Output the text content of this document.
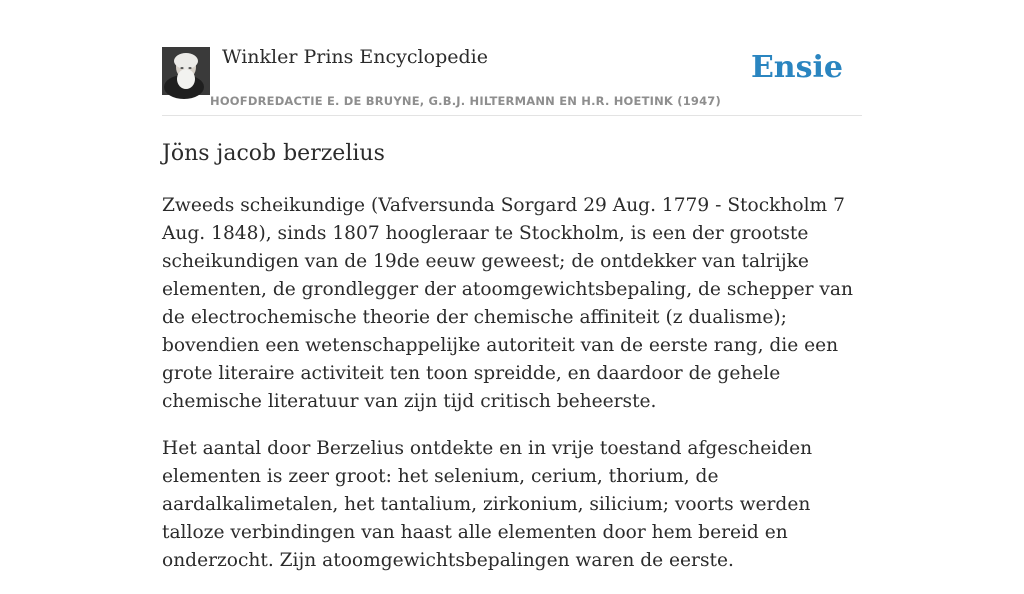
Winkler Prins Encyclopedie	Ensie
HOOFDREDACTIE E. DE BRUYNE, G.B.J. HILTERMANN EN H.R. HOETINK (1947)
Jöns jacob berzelius

Zweeds scheikundige (Vafversunda Sorgard 29 Aug. 1779 - Stockholm 7 Aug. 1848), sinds 1807 hoogleraar te Stockholm, is een der grootste scheikundigen van de 19de eeuw geweest; de ontdekker van talrijke elementen, de grondlegger der atoomgewichtsbepaling, de schepper van de electrochemische theorie der chemische affiniteit (z dualisme); bovendien een wetenschappelijke autoriteit van de eerste rang, die een grote literaire activiteit ten toon spreidde, en daardoor de gehele chemische literatuur van zijn tijd critisch beheerste.

Het aantal door Berzelius ontdekte en in vrije toestand afgescheiden elementen is zeer groot: het selenium, cerium, thorium, de aardalkalimetalen, het tantalium, zirkonium, silicium; voorts werden talloze verbindingen van haast alle elementen door hem bereid en onderzocht. Zijn atoomgewichtsbepalingen waren de eerste.
